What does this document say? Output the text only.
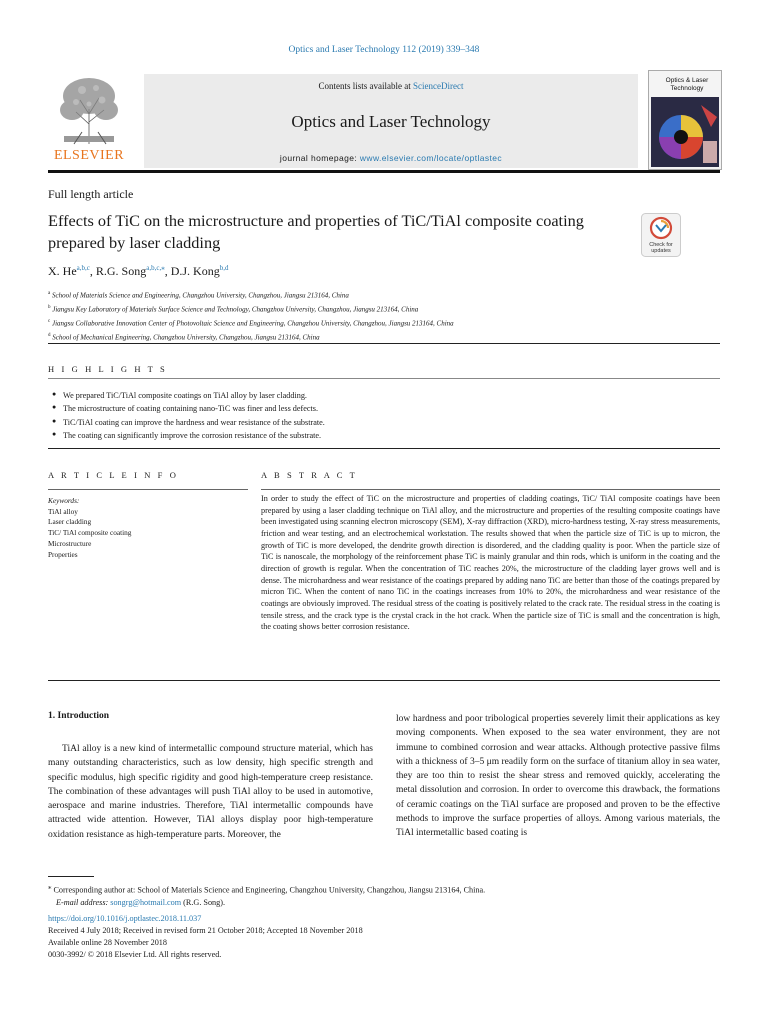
Optics and Laser Technology 112 (2019) 339–348
ELSEVIER
Contents lists available at ScienceDirect
Optics and Laser Technology
journal homepage: www.elsevier.com/locate/optlastec
Optics & Laser
Technology
Full length article
Effects of TiC on the microstructure and properties of TiC/TiAl composite coating prepared by laser cladding	Check for
updates
X. He$^{a,b,c}$, R.G. Song$^{a,b,c,⁎}$, D.J. Kong$^{b,d}$
$^a$ School of Materials Science and Engineering, Changzhou University, Changzhou, Jiangsu 213164, China
$^b$ Jiangsu Key Laboratory of Materials Surface Science and Technology, Changzhou University, Changzhou, Jiangsu 213164, China
$^c$ Jiangsu Collaborative Innovation Center of Photovoltaic Science and Engineering, Changzhou University, Changzhou, Jiangsu 213164, China
$^d$ School of Mechanical Engineering, Changzhou University, Changzhou, Jiangsu 213164, China
H I G H L I G H T S
● We prepared TiC/TiAl composite coatings on TiAl alloy by laser cladding.
● The microstructure of coating containing nano-TiC was finer and less defects.
● TiC/TiAl coating can improve the hardness and wear resistance of the substrate.
● The coating can significantly improve the corrosion resistance of the substrate.
A R T I C L E I N F O	A B S T R A C T
Keywords:
TiAl alloy
Laser cladding
TiC/ TiAl composite coating
Microstructure
Properties
In order to study the effect of TiC on the microstructure and properties of cladding coatings, TiC/ TiAl composite coatings have been prepared by using a laser cladding technique on TiAl alloy, and the microstructure and properties of the resulting composite coatings have been investigated using scanning electron microscopy (SEM), X-ray diffraction (XRD), micro-hardness testing, X-ray stress measurements, friction and wear testing, and an electrochemical workstation. The results showed that when the particle size of TiC is up to micron, the growth of TiC is more developed, the dendrite growth direction is disordered, and the cladding quality is poor. When the particle size of TiC is nanoscale, the morphology of the reinforcement phase TiC is mainly granular and thin rods, which is uniform in the coating and the direction of growth is regular. When the concentration of TiC reaches 20%, the microstructure of the cladding layer grows well and is dense. The microhardness and wear resistance of the coatings prepared by adding nano TiC are better than those of the coatings prepared by micron TiC. When the content of nano TiC in the coatings increases from 10% to 20%, the microhardness and wear resistance of the coatings are obviously improved. The residual stress of the coating is positively related to the crack rate. The residual stress in the coating is tensile stress, and the crack type is the crystal crack in the hot crack. When the particle size of TiC is small and the concentration is high, the coating shows better corrosion resistance.
1. Introduction
TiAl alloy is a new kind of intermetallic compound structure material, which has many outstanding characteristics, such as low density, high specific strength and specific modulus, high specific rigidity and good high-temperature creep resistance. The combination of these advantages will push TiAl alloy to be used in automotive, aerospace and marine industries. Therefore, TiAl intermetallic compounds have attracted wide attention. However, TiAl alloys display poor high-temperature oxidation resistance as high-temperature parts. Moreover, the
low hardness and poor tribological properties severely limit their applications as key moving components. When exposed to the sea water environment, they are not immune to combined corrosion and wear attacks. Although protective passive films with a thickness of 3–5 μm readily form on the surface of titanium alloy in sea water, they are too thin to resist the shear stress and removed quickly, accelerating the metal dissolution and corrosion. In order to overcome this drawback, the formations of ceramic coatings on the TiAl surface are proposed and proven to be the effective methods to improve the surface properties of alloys. Among various materials, the TiAl intermetallic based coating is
⁎ Corresponding author at: School of Materials Science and Engineering, Changzhou University, Changzhou, Jiangsu 213164, China.
E-mail address: songrg@hotmail.com (R.G. Song).
https://doi.org/10.1016/j.optlastec.2018.11.037
Received 4 July 2018; Received in revised form 21 October 2018; Accepted 18 November 2018
Available online 28 November 2018
0030-3992/ © 2018 Elsevier Ltd. All rights reserved.
